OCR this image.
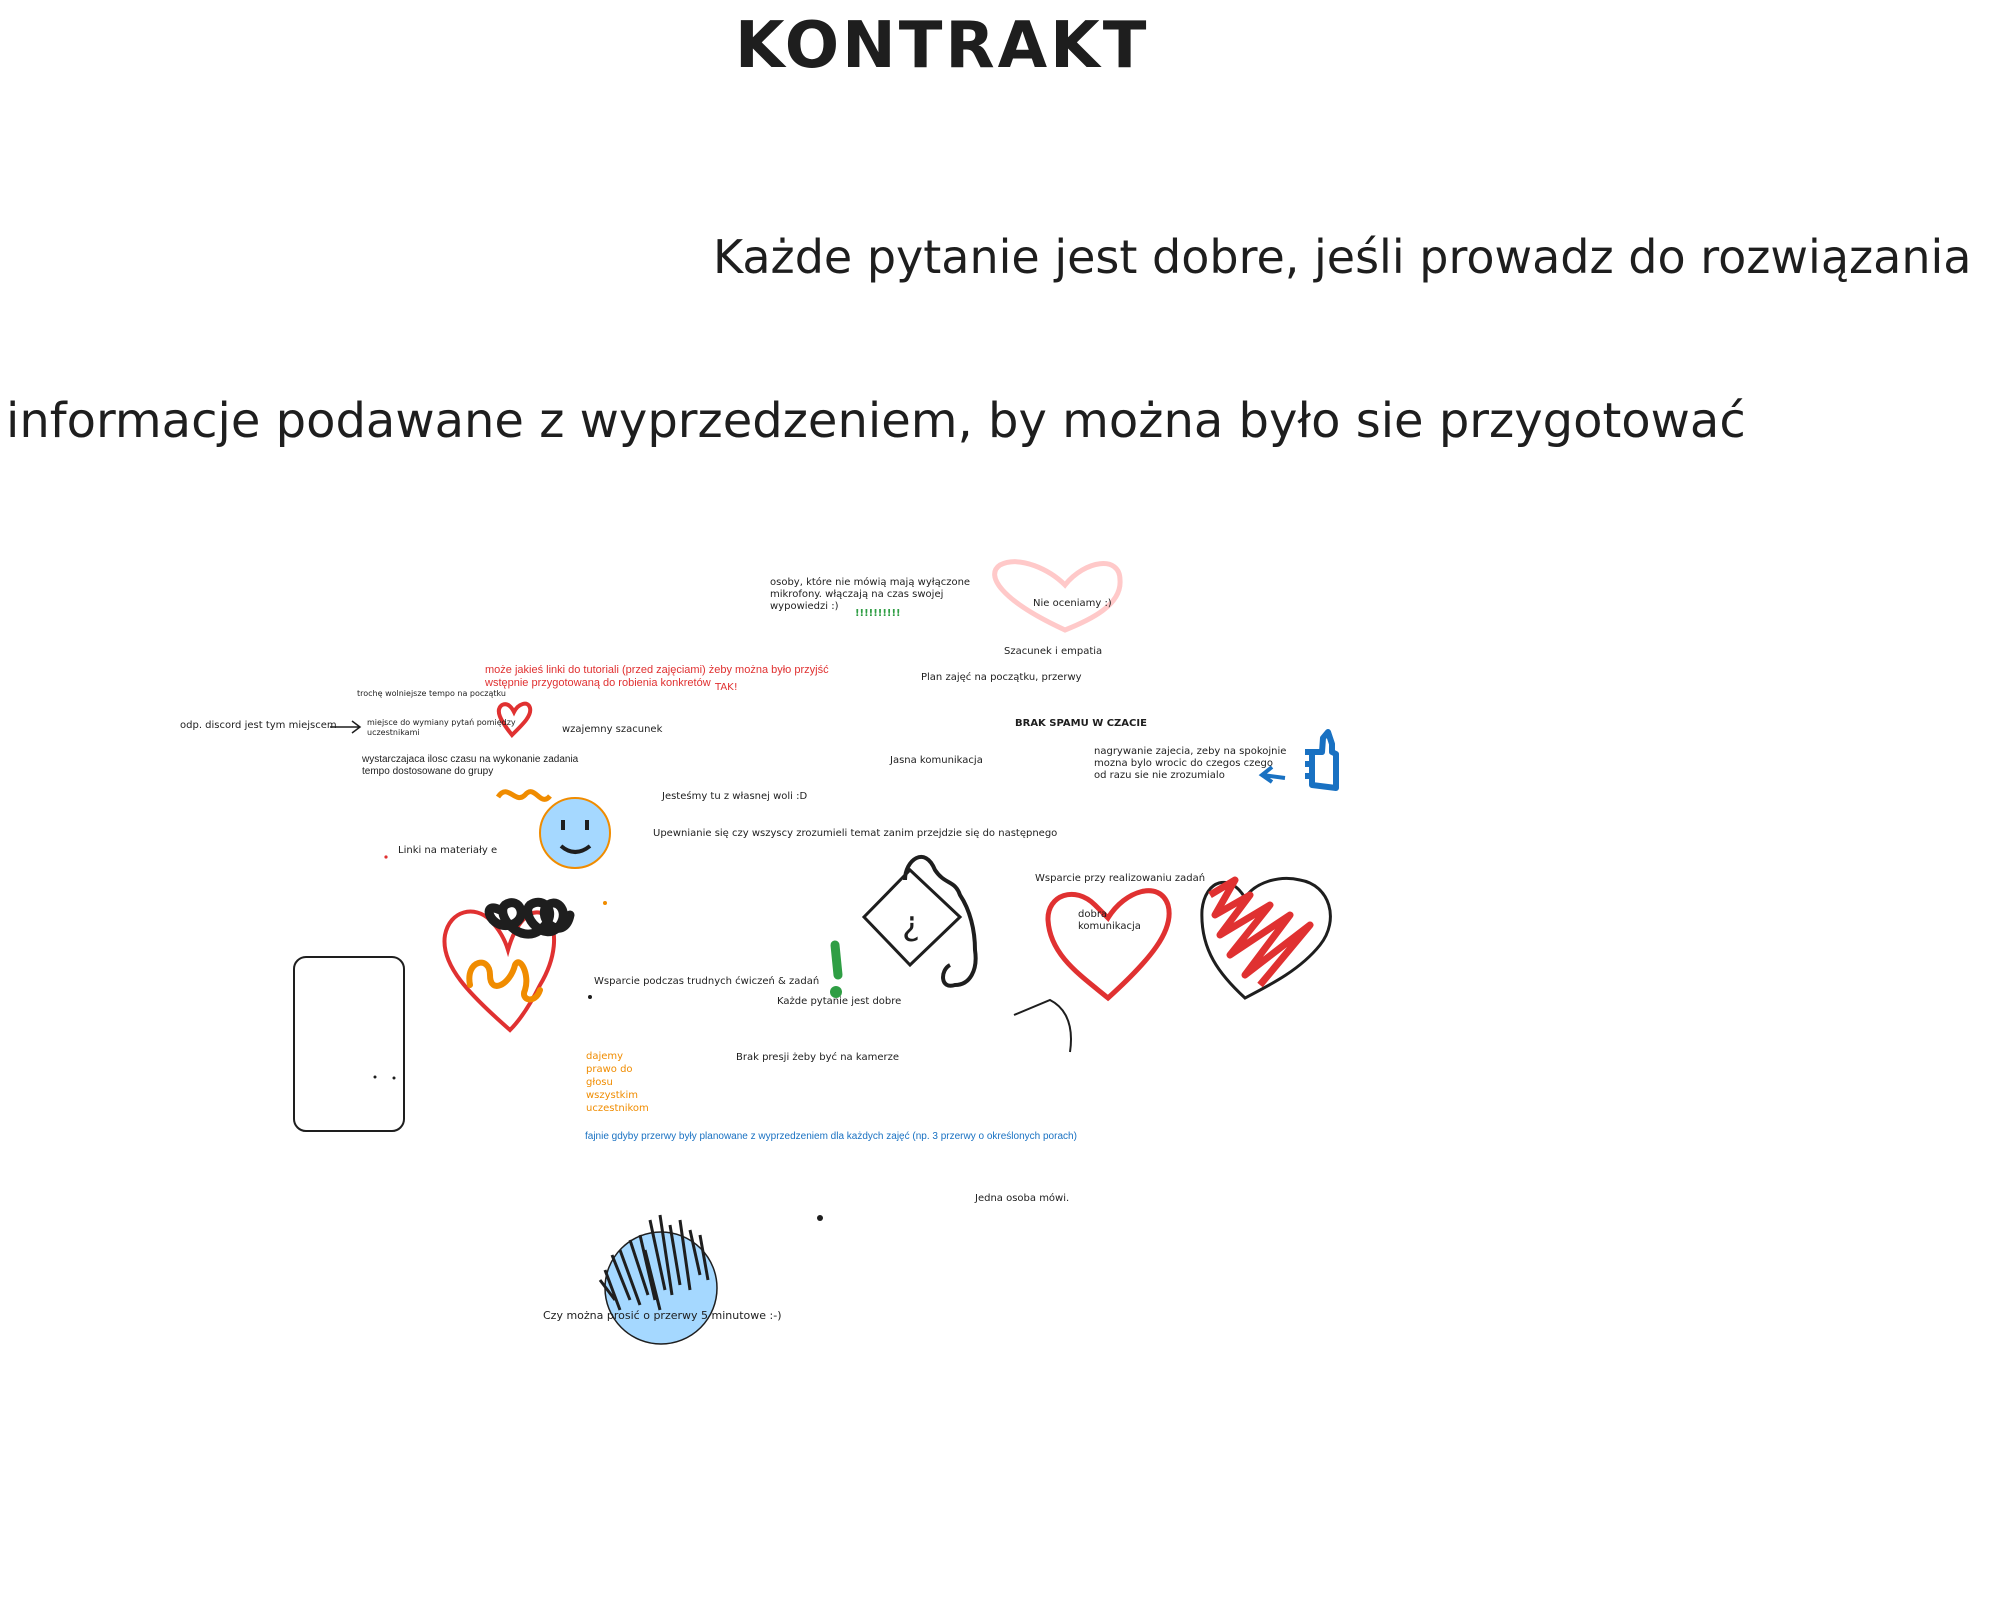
¿
KONTRAKT
Każde pytanie jest dobre, jeśli prowadz do rozwiązania
informacje podawane z wyprzedzeniem, by można było sie przygotować
osoby, które nie mówią mają wyłączone
mikrofony. włączają na czas swojej
wypowiedzi :)
!!!!!!!!!!
Nie oceniamy :)
Szacunek i empatia
może jakieś linki do tutoriali (przed zajęciami) żeby można było przyjść
wstępnie przygotowaną do robienia konkretów TAK!
Plan zajęć na początku, przerwy
trochę wolniejsze tempo na początku
odp. discord jest tym miejscem	miejsce do wymiany pytań pomiędzy
uczestnikami	wzajemny szacunek
BRAK SPAMU W CZACIE
Jasna komunikacja
nagrywanie zajecia, zeby na spokojnie
mozna bylo wrocic do czegos czego
od razu sie nie zrozumialo
wystarczajaca ilosc czasu na wykonanie zadania
tempo dostosowane do grupy
Jesteśmy tu z własnej woli :D
Upewnianie się czy wszyscy zrozumieli temat zanim przejdzie się do następnego
Linki na materiały e
Wsparcie przy realizowaniu zadań
dobra
komunikacja
Wsparcie podczas trudnych ćwiczeń & zadań
Każde pytanie jest dobre
Brak presji żeby być na kamerze
dajemy
prawo do
głosu
wszystkim
uczestnikom
fajnie gdyby przerwy były planowane z wyprzedzeniem dla każdych zajęć (np. 3 przerwy o określonych porach)
Jedna osoba mówi.
Czy można prosić o przerwy 5 minutowe :-)
